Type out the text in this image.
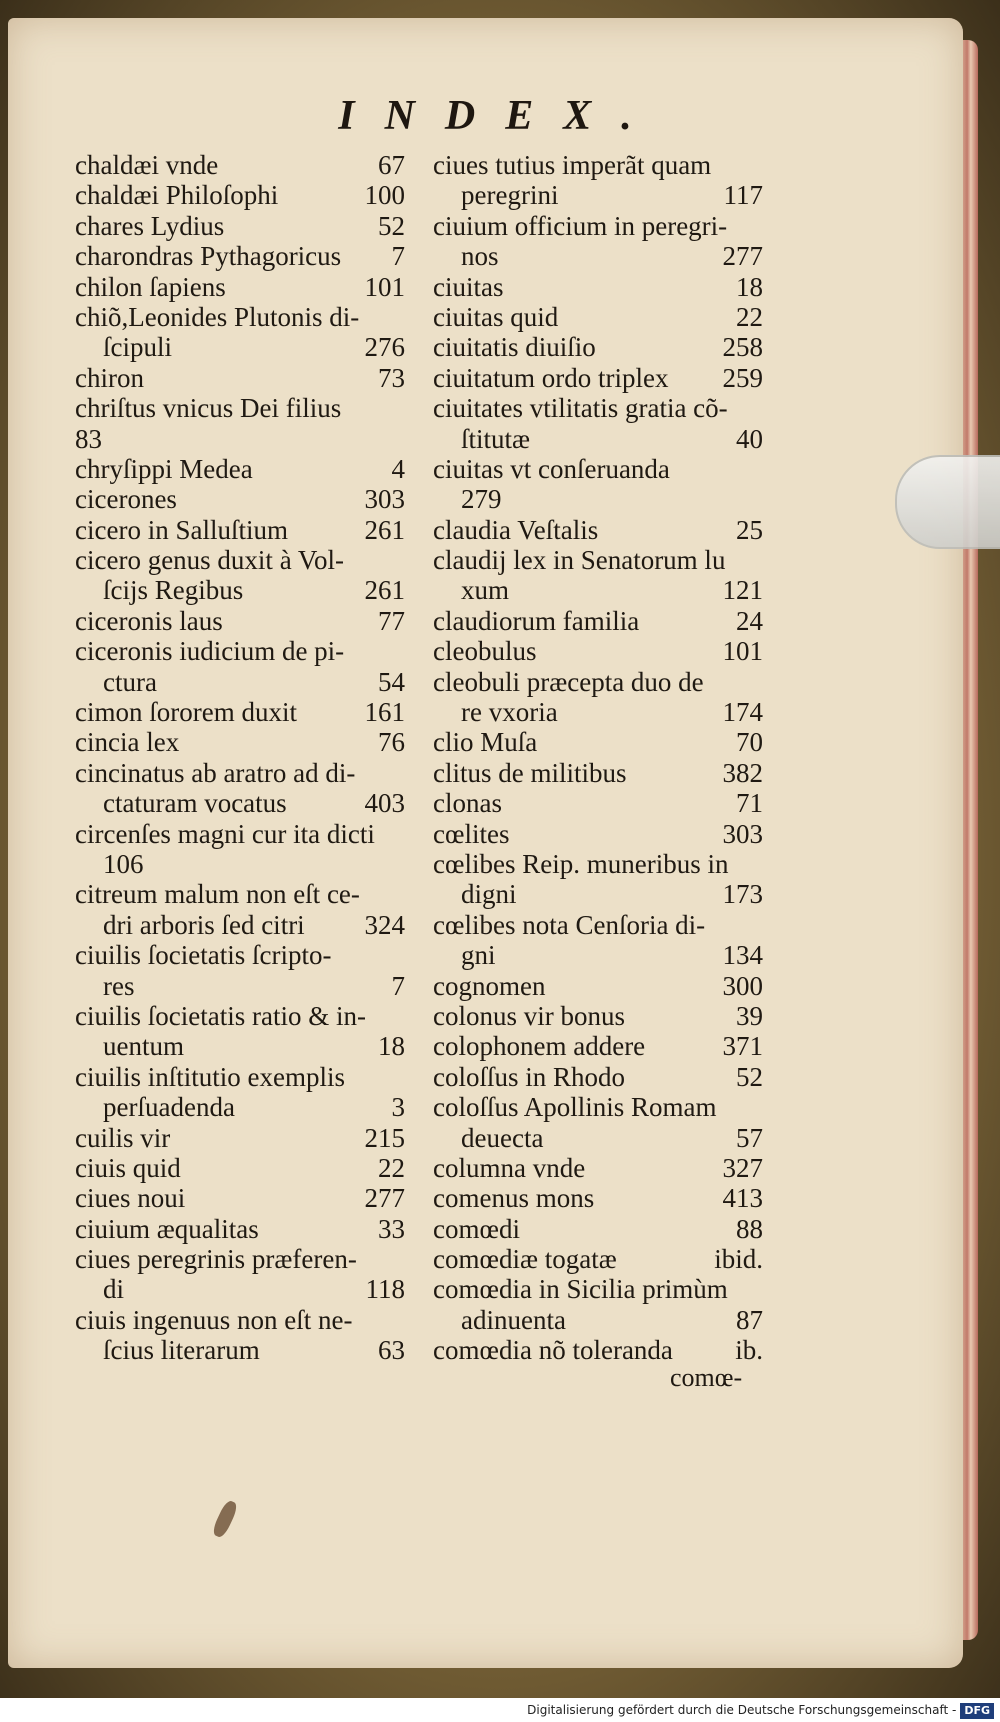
INDEX.
chaldæi vnde	67
chaldæi Philoſophi	100
chares Lydius	52
charondras Pythagoricus 7
chilon ſapiens	101
chiõ,Leonides Plutonis di-
ſcipuli	276
chiron	73
chriſtus vnicus Dei filius
83
chryſippi Medea	4
cicerones	303
cicero in Salluſtium	261
cicero genus duxit à Vol-
ſcijs Regibus	261
ciceronis laus	77
ciceronis iudicium de pi-
ctura	54
cimon ſororem duxit	161
cincia lex	76
cincinatus ab aratro ad di-
ctaturam vocatus	403
circenſes magni cur ita dicti
106
citreum malum non eſt ce-
dri arboris ſed citri 324
ciuilis ſocietatis ſcripto-
res	7
ciuilis ſocietatis ratio & in-
uentum	18
ciuilis inſtitutio exemplis
perſuadenda	3
cuilis vir	215
ciuis quid	22
ciues noui	277
ciuium æqualitas	33
ciues peregrinis præferen-
di	118
ciuis ingenuus non eſt ne-
ſcius literarum	63
ciues tutius imperãt quam
peregrini	117
ciuium officium in peregri-
nos	277
ciuitas	18
ciuitas quid	22
ciuitatis diuiſio	258
ciuitatum ordo triplex 259
ciuitates vtilitatis gratia cõ-
ſtitutæ	40
ciuitas vt conſeruanda
279
claudia Veſtalis	25
claudij lex in Senatorum lu
xum	121
claudiorum familia	24
cleobulus	101
cleobuli præcepta duo de
re vxoria	174
clio Muſa	70
clitus de militibus	382
clonas	71
cœlites	303
cœlibes Reip. muneribus in
digni	173
cœlibes nota Cenſoria di-
gni	134
cognomen	300
colonus vir bonus	39
colophonem addere	371
coloſſus in Rhodo	52
coloſſus Apollinis Romam
deuecta	57
columna vnde	327
comenus mons	413
comœdi	88
comœdiæ togatæ	ibid.
comœdia in Sicilia primùm
adinuenta	87
comœdia nõ toleranda ib.
comœ-
Digitalisierung gefördert durch die Deutsche Forschungsgemeinschaft - DFG
